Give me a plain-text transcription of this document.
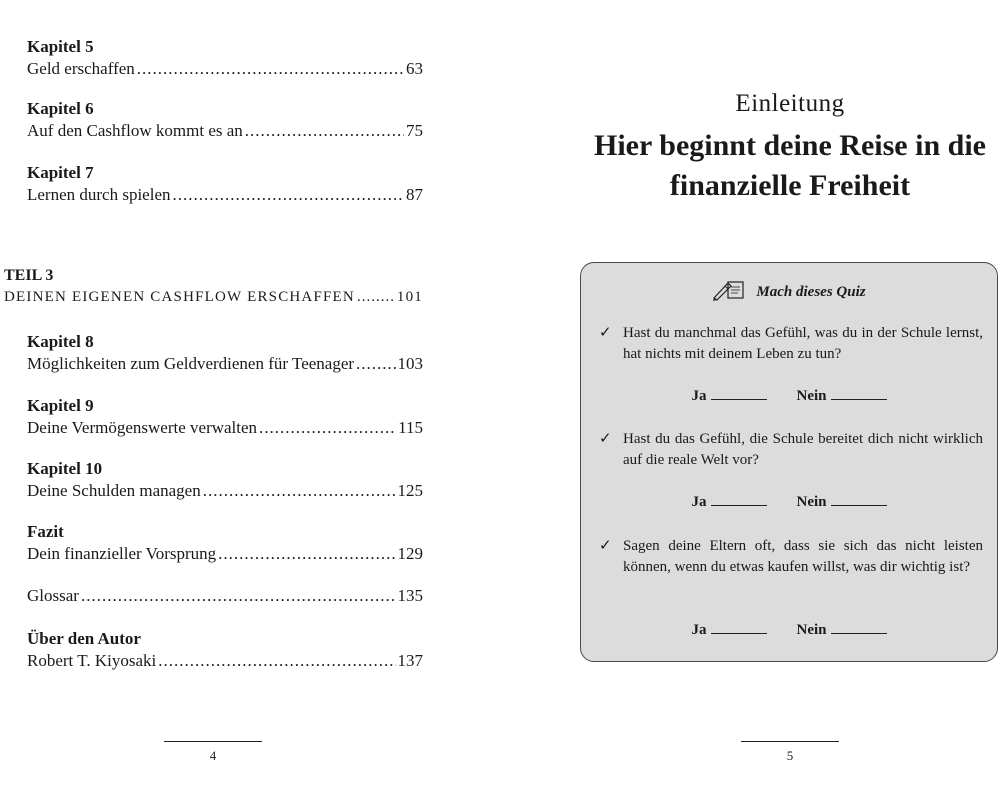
Kapitel 5
Geld erschaffen .....	63
Kapitel 6
Auf den Cashflow kommt es an .....	75
Kapitel 7
Lernen durch spielen .....	87
TEIL 3
DEINEN EIGENEN CASHFLOW ERSCHAFFEN .....	101
Kapitel 8
Möglichkeiten zum Geldverdienen für Teenager .....	103
Kapitel 9
Deine Vermögenswerte verwalten .....	115
Kapitel 10
Deine Schulden managen .....	125
Fazit
Dein finanzieller Vorsprung .....	129
Glossar .....	135
Über den Autor
Robert T. Kiyosaki .....	137
4
Einleitung
Hier beginnt deine Reise in die finanzielle Freiheit
Mach dieses Quiz
✓ Hast du manchmal das Gefühl, was du in der Schule lernst, hat nichts mit deinem Leben zu tun?
Ja	Nein
✓ Hast du das Gefühl, die Schule bereitet dich nicht wirklich auf die reale Welt vor?
Ja	Nein
✓ Sagen deine Eltern oft, dass sie sich das nicht leisten können, wenn du etwas kaufen willst, was dir wichtig ist?
Ja	Nein
5
